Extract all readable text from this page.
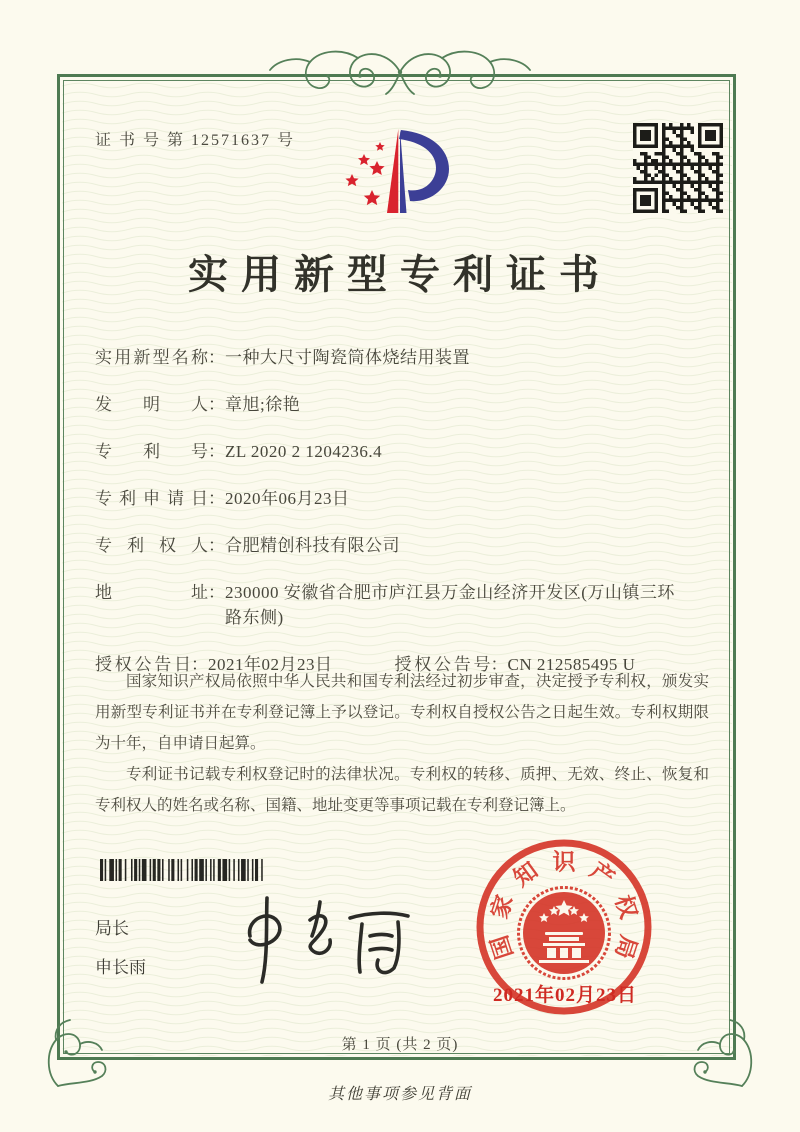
证 书 号 第 12571637 号
实用新型专利证书
实用新型名称 ： 一种大尺寸陶瓷筒体烧结用装置
发明人 ： 章旭;徐艳
专利号 ： ZL 2020 2 1204236.4
专利申请日 ： 2020年06月23日
专利权人 ： 合肥精创科技有限公司
地址 ： 230000 安徽省合肥市庐江县万金山经济开发区(万山镇三环路东侧)
授权公告日 ： 2021年02月23日	授权公告号 ： CN 212585495 U

国家知识产权局依照中华人民共和国专利法经过初步审查，决定授予专利权，颁发实用新型专利证书并在专利登记簿上予以登记。专利权自授权公告之日起生效。专利权期限为十年，自申请日起算。

专利证书记载专利权登记时的法律状况。专利权的转移、质押、无效、终止、恢复和专利权人的姓名或名称、国籍、地址变更等事项记载在专利登记簿上。

局长
申长雨
国
家
知 识 产
权
局
2021年02月23日
第 1 页 (共 2 页)
其他事项参见背面
